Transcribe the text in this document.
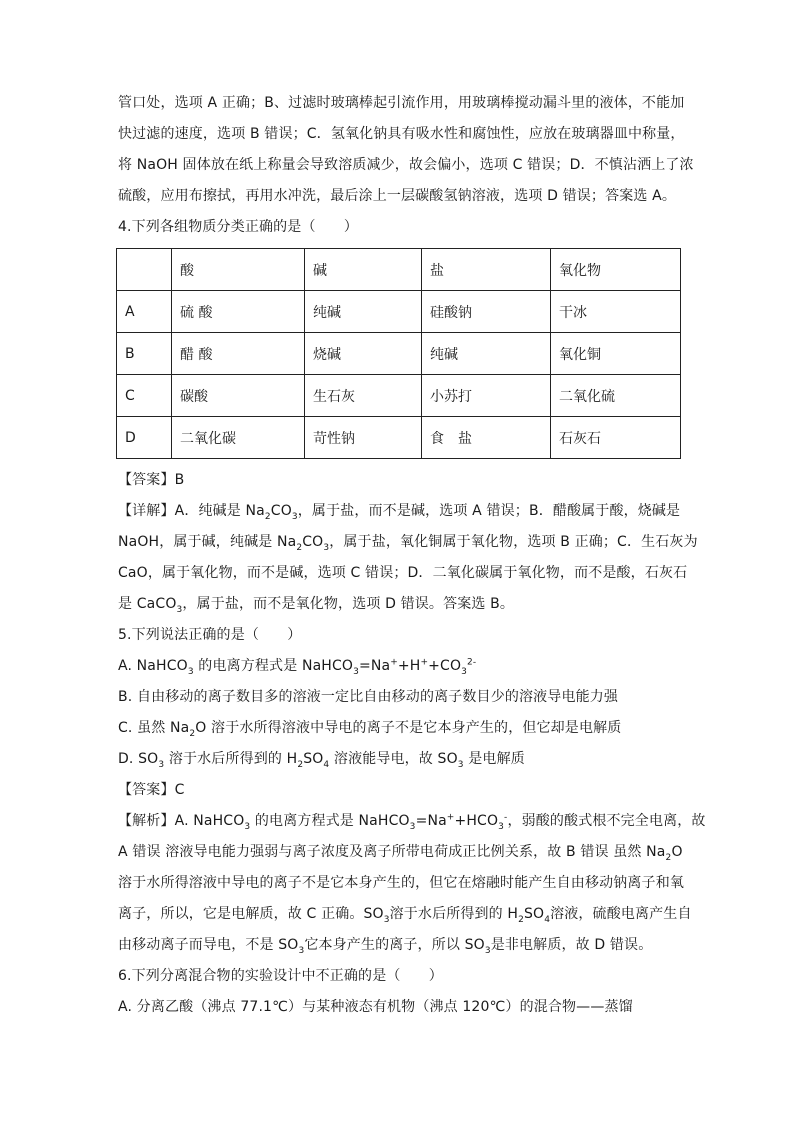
管口处，选项 A 正确；B、过滤时玻璃棒起引流作用，用玻璃棒搅动漏斗里的液体，不能加

快过滤的速度，选项 B 错误；C．氢氧化钠具有吸水性和腐蚀性，应放在玻璃器皿中称量，

将 NaOH 固体放在纸上称量会导致溶质减少，故会偏小，选项 C 错误；D．不慎沾洒上了浓

硫酸，应用布擦拭，再用水冲洗，最后涂上一层碳酸氢钠溶液，选项 D 错误；答案选 A。

4.下列各组物质分类正确的是（　　）

	酸	碱	盐	氧化物
A	硫 酸	纯碱	硅酸钠	干冰
B	醋 酸	烧碱	纯碱	氧化铜
C	碳酸	生石灰	小苏打	二氧化硫
D	二氧化碳	苛性钠	食　盐	石灰石

【答案】B

【详解】A．纯碱是 $Na_2CO_3$，属于盐，而不是碱，选项 A 错误；B．醋酸属于酸，烧碱是

NaOH，属于碱，纯碱是 $Na_2CO_3$，属于盐，氧化铜属于氧化物，选项 B 正确；C．生石灰为

CaO，属于氧化物，而不是碱，选项 C 错误；D．二氧化碳属于氧化物，而不是酸，石灰石

是 CaCO$_3$，属于盐，而不是氧化物，选项 D 错误。答案选 B。

5.下列说法正确的是（　　）

A. NaHCO$_3$ 的电离方程式是 $NaHCO_3=Na^++H^++CO_3^{2-}$

B. 自由移动的离子数目多的溶液一定比自由移动的离子数目少的溶液导电能力强

C. 虽然 $Na_2O$ 溶于水所得溶液中导电的离子不是它本身产生的，但它却是电解质

D. $SO_3$ 溶于水后所得到的 $H_2SO_4$ 溶液能导电，故 $SO_3$ 是电解质

【答案】C

【解析】A. NaHCO$_3$ 的电离方程式是 $NaHCO_3=Na^++HCO_3^-$，弱酸的酸式根不完全电离，故

A 错误 溶液导电能力强弱与离子浓度及离子所带电荷成正比例关系，故 B 错误 虽然 $Na_2O$

溶于水所得溶液中导电的离子不是它本身产生的，但它在熔融时能产生自由移动钠离子和氧

离子，所以，它是电解质，故 C 正确。$SO_3$溶于水后所得到的 $H_2SO_4$溶液，硫酸电离产生自

由移动离子而导电，不是 $SO_3$它本身产生的离子，所以 $SO_3$是非电解质，故 D 错误。

6.下列分离混合物的实验设计中不正确的是（　　）

A. 分离乙酸（沸点 77.1℃）与某种液态有机物（沸点 120℃）的混合物——蒸馏
